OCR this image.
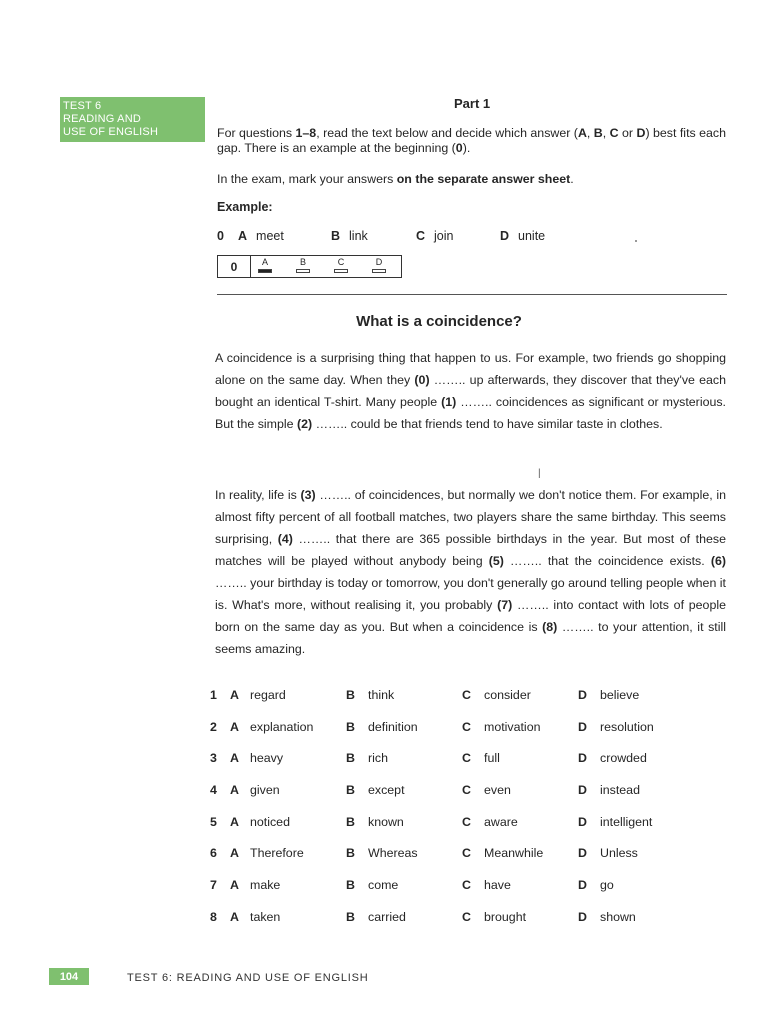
TEST 6
READING AND
USE OF ENGLISH
Part 1
For questions 1–8, read the text below and decide which answer (A, B, C or D) best fits each gap. There is an example at the beginning (0).
In the exam, mark your answers on the separate answer sheet.
Example:
0	A meet	B link	C join	D unite
0	A	B	C	D
What is a coincidence?
A coincidence is a surprising thing that happen to us. For example, two friends go shopping alone on the same day. When they (0) …….. up afterwards, they discover that they've each bought an identical T-shirt. Many people (1) …….. coincidences as significant or mysterious. But the simple (2) …….. could be that friends tend to have similar taste in clothes.
|
In reality, life is (3) …….. of coincidences, but normally we don't notice them. For example, in almost fifty percent of all football matches, two players share the same birthday. This seems surprising, (4) …….. that there are 365 possible birthdays in the year. But most of these matches will be played without anybody being (5) …….. that the coincidence exists. (6) …….. your birthday is today or tomorrow, you don't generally go around telling people when it is. What's more, without realising it, you probably (7) …….. into contact with lots of people born on the same day as you. But when a coincidence is (8) …….. to your attention, it still seems amazing.
1	A	regard	B	think	C	consider	D	believe
2	A	explanation	B	definition	C	motivation	D	resolution
3	A	heavy	B	rich	C	full	D	crowded
4	A	given	B	except	C	even	D	instead
5	A	noticed	B	known	C	aware	D	intelligent
6	A	Therefore	B	Whereas	C	Meanwhile	D	Unless
7	A	make	B	come	C	have	D	go
8	A	taken	B	carried	C	brought	D	shown
104	TEST 6: READING AND USE OF ENGLISH
